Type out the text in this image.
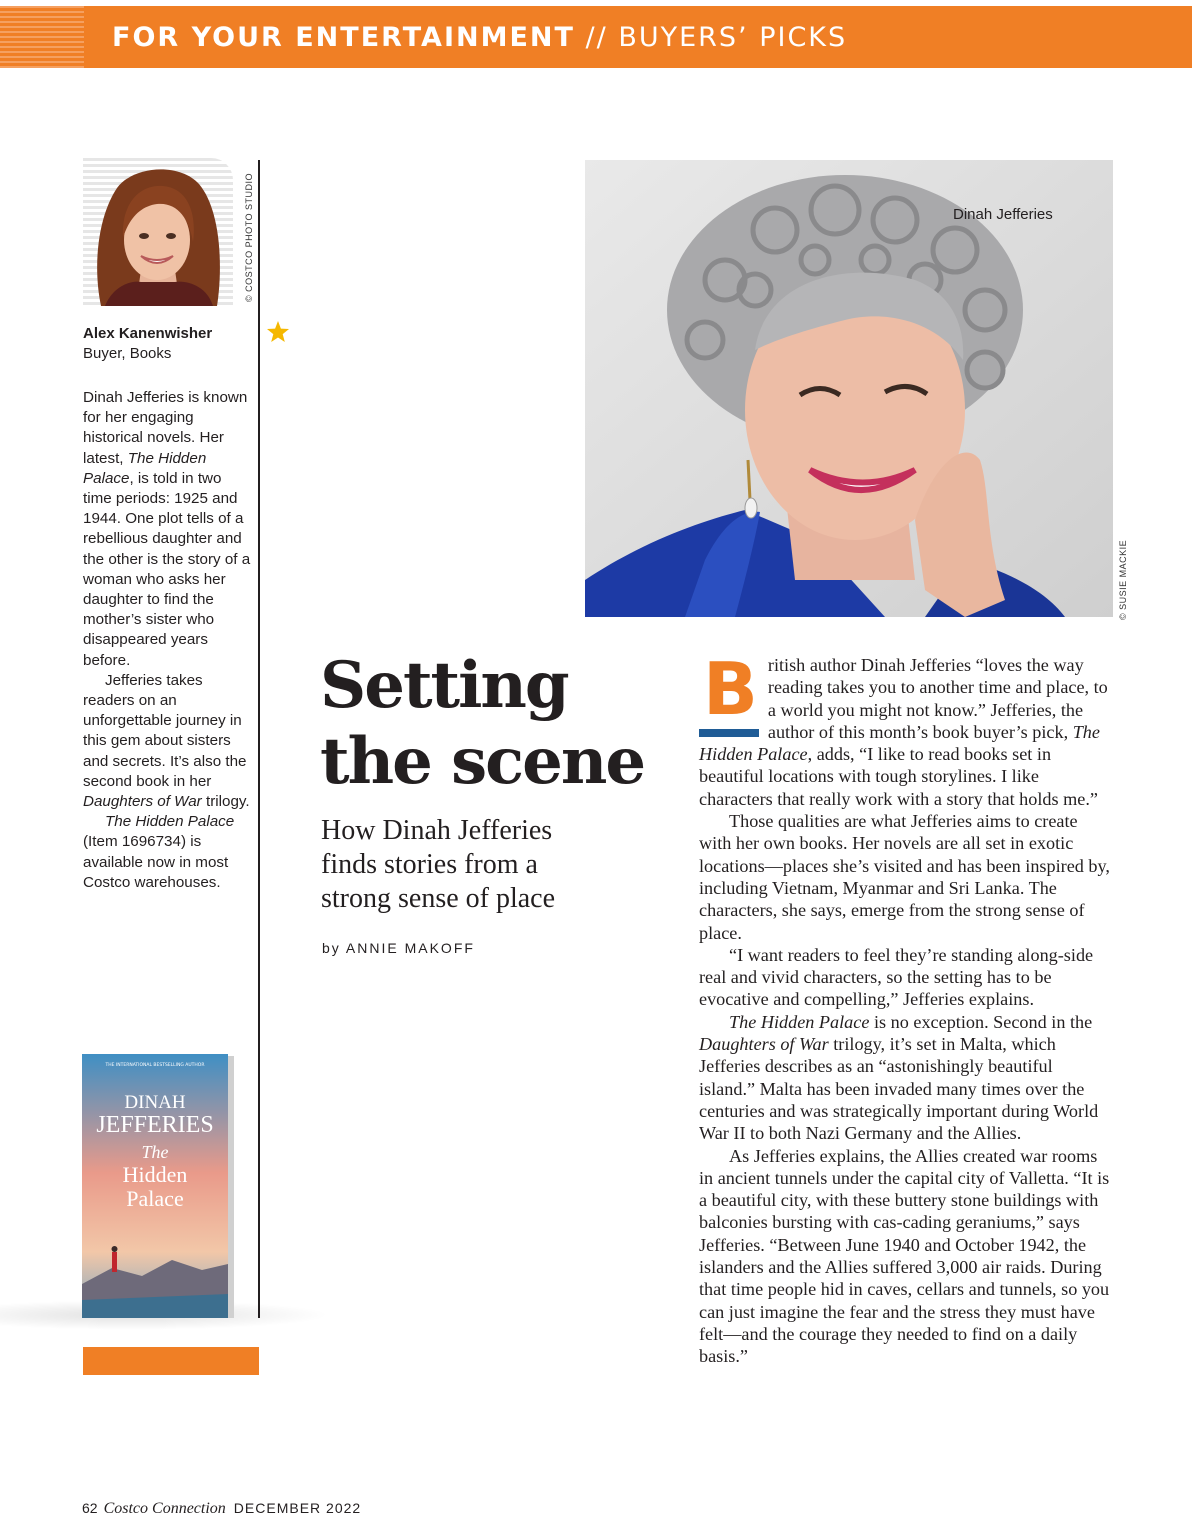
FOR YOUR ENTERTAINMENT // BUYERS’ PICKS
© COSTCO PHOTO STUDIO
Alex Kanenwisher
Buyer, Books

Dinah Jefferies is known for her engaging historical novels. Her latest, The Hidden Palace, is told in two time periods: 1925 and 1944. One plot tells of a rebellious daughter and the other is the story of a woman who asks her daughter to find the mother’s sister who disappeared years before.

Jefferies takes readers on an unforgettable journey in this gem about sisters and secrets. It’s also the second book in her Daughters of War trilogy.

The Hidden Palace (Item 1696734) is available now in most Costco warehouses.

THE INTERNATIONAL BESTSELLING AUTHOR
DINAH
JEFFERIES
The
Hidden
Palace
Dinah Jefferies
© SUSIE MACKIE
Setting
the scene
How Dinah Jefferies finds stories from a strong sense of place
by ANNIE MAKOFF

British author Dinah Jefferies “loves the way reading takes you to another time and place, to a world you might not know.” Jefferies, the author of this month’s book buyer’s pick, The Hidden Palace, adds, “I like to read books set in beautiful locations with tough storylines. I like characters that really work with a story that holds me.”

Those qualities are what Jefferies aims to create with her own books. Her novels are all set in exotic locations—places she’s visited and has been inspired by, including Vietnam, Myanmar and Sri Lanka. The characters, she says, emerge from the strong sense of place.

“I want readers to feel they’re standing along-side real and vivid characters, so the setting has to be evocative and compelling,” Jefferies explains.

The Hidden Palace is no exception. Second in the Daughters of War trilogy, it’s set in Malta, which Jefferies describes as an “astonishingly beautiful island.” Malta has been invaded many times over the centuries and was strategically important during World War II to both Nazi Germany and the Allies.

As Jefferies explains, the Allies created war rooms in ancient tunnels under the capital city of Valletta. “It is a beautiful city, with these buttery stone buildings with balconies bursting with cas-cading geraniums,” says Jefferies. “Between June 1940 and October 1942, the islanders and the Allies suffered 3,000 air raids. During that time people hid in caves, cellars and tunnels, so you can just imagine the fear and the stress they must have felt—and the courage they needed to find on a daily basis.”

62 Costco Connection DECEMBER 2022
